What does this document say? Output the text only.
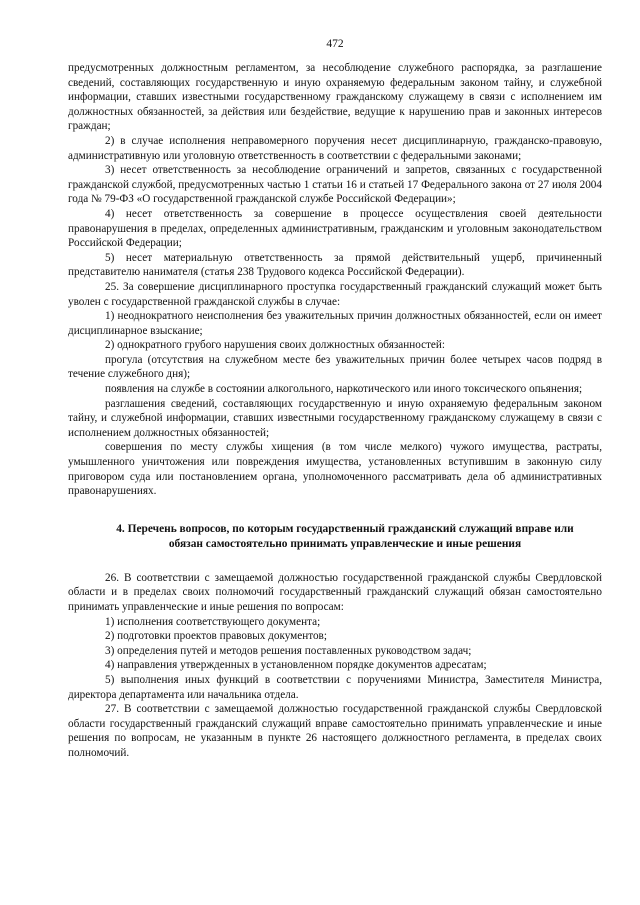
472

предусмотренных должностным регламентом, за несоблюдение служебного распорядка, за разглашение сведений, составляющих государственную и иную охраняемую федеральным законом тайну, и служебной информации, ставших известными государственному гражданскому служащему в связи с исполнением им должностных обязанностей, за действия или бездействие, ведущие к нарушению прав и законных интересов граждан;

2) в случае исполнения неправомерного поручения несет дисциплинарную, гражданско-правовую, административную или уголовную ответственность в соответствии с федеральными законами;

3) несет ответственность за несоблюдение ограничений и запретов, связанных с государственной гражданской службой, предусмотренных частью 1 статьи 16 и статьей 17 Федерального закона от 27 июля 2004 года № 79-ФЗ «О государственной гражданской службе Российской Федерации»;

4) несет ответственность за совершение в процессе осуществления своей деятельности правонарушения в пределах, определенных административным, гражданским и уголовным законодательством Российской Федерации;

5) несет материальную ответственность за прямой действительный ущерб, причиненный представителю нанимателя (статья 238 Трудового кодекса Российской Федерации).

25. За совершение дисциплинарного проступка государственный гражданский служащий может быть уволен с государственной гражданской службы в случае:

1) неоднократного неисполнения без уважительных причин должностных обязанностей, если он имеет дисциплинарное взыскание;

2) однократного грубого нарушения своих должностных обязанностей:

прогула (отсутствия на служебном месте без уважительных причин более четырех часов подряд в течение служебного дня);

появления на службе в состоянии алкогольного, наркотического или иного токсического опьянения;

разглашения сведений, составляющих государственную и иную охраняемую федеральным законом тайну, и служебной информации, ставших известными государственному гражданскому служащему в связи с исполнением должностных обязанностей;

совершения по месту службы хищения (в том числе мелкого) чужого имущества, растраты, умышленного уничтожения или повреждения имущества, установленных вступившим в законную силу приговором суда или постановлением органа, уполномоченного рассматривать дела об административных правонарушениях.

4. Перечень вопросов, по которым государственный гражданский служащий вправе или обязан самостоятельно принимать управленческие и иные решения

26. В соответствии с замещаемой должностью государственной гражданской службы Свердловской области и в пределах своих полномочий государственный гражданский служащий обязан самостоятельно принимать управленческие и иные решения по вопросам:

1) исполнения соответствующего документа;

2) подготовки проектов правовых документов;

3) определения путей и методов решения поставленных руководством задач;

4) направления утвержденных в установленном порядке документов адресатам;

5) выполнения иных функций в соответствии с поручениями Министра, Заместителя Министра, директора департамента или начальника отдела.

27. В соответствии с замещаемой должностью государственной гражданской службы Свердловской области государственный гражданский служащий вправе самостоятельно принимать управленческие и иные решения по вопросам, не указанным в пункте 26 настоящего должностного регламента, в пределах своих полномочий.
